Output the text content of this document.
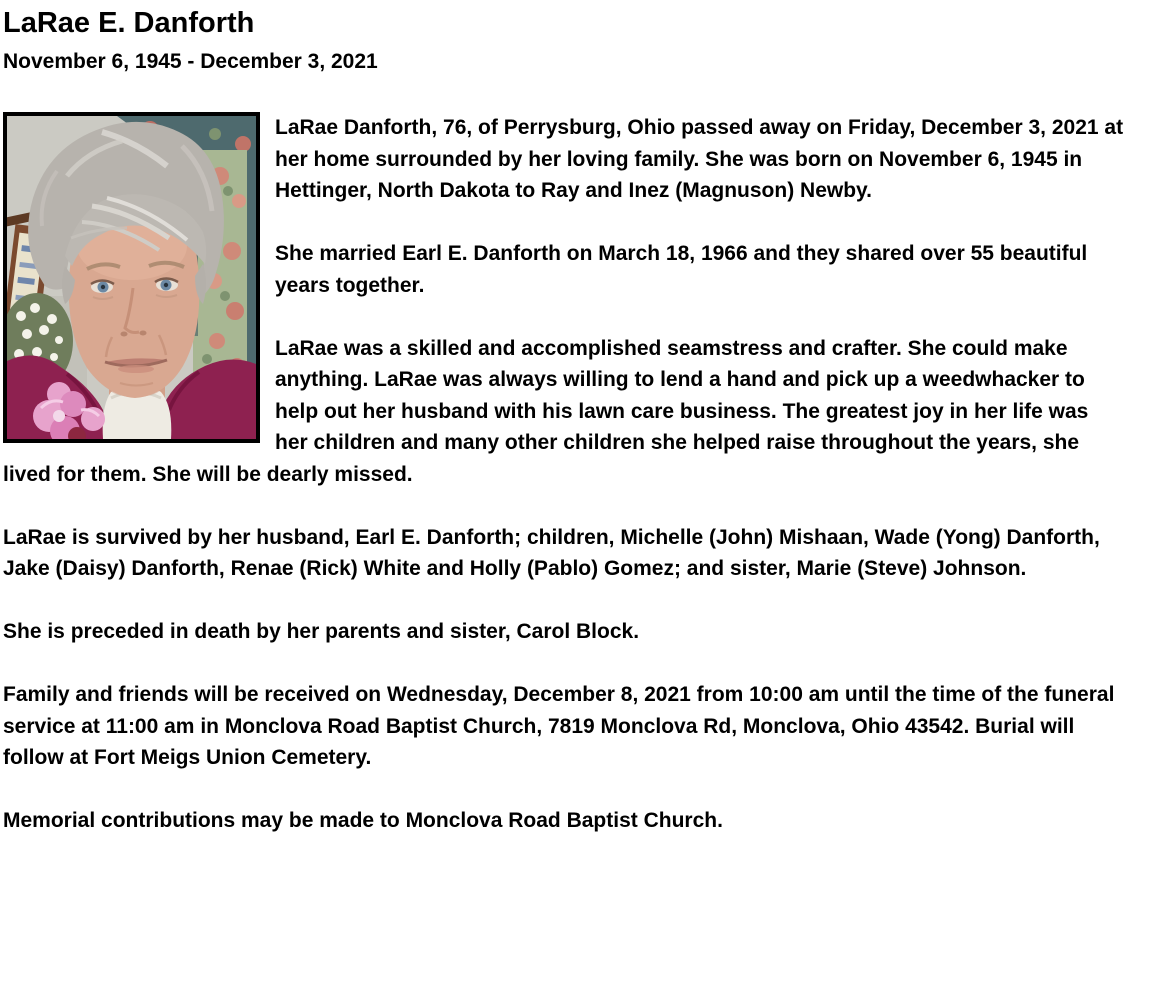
LaRae E. Danforth
November 6, 1945 - December 3, 2021

LaRae Danforth, 76, of Perrysburg, Ohio passed away on Friday, December 3, 2021 at her home surrounded by her loving family. She was born on November 6, 1945 in Hettinger, North Dakota to Ray and Inez (Magnuson) Newby.

She married Earl E. Danforth on March 18, 1966 and they shared over 55 beautiful years together.

LaRae was a skilled and accomplished seamstress and crafter. She could make anything. LaRae was always willing to lend a hand and pick up a weedwhacker to help out her husband with his lawn care business. The greatest joy in her life was her children and many other children she helped raise throughout the years, she lived for them. She will be dearly missed.

LaRae is survived by her husband, Earl E. Danforth; children, Michelle (John) Mishaan, Wade (Yong) Danforth, Jake (Daisy) Danforth, Renae (Rick) White and Holly (Pablo) Gomez; and sister, Marie (Steve) Johnson.

She is preceded in death by her parents and sister, Carol Block.

Family and friends will be received on Wednesday, December 8, 2021 from 10:00 am until the time of the funeral service at 11:00 am in Monclova Road Baptist Church, 7819 Monclova Rd, Monclova, Ohio 43542. Burial will follow at Fort Meigs Union Cemetery.

Memorial contributions may be made to Monclova Road Baptist Church.
